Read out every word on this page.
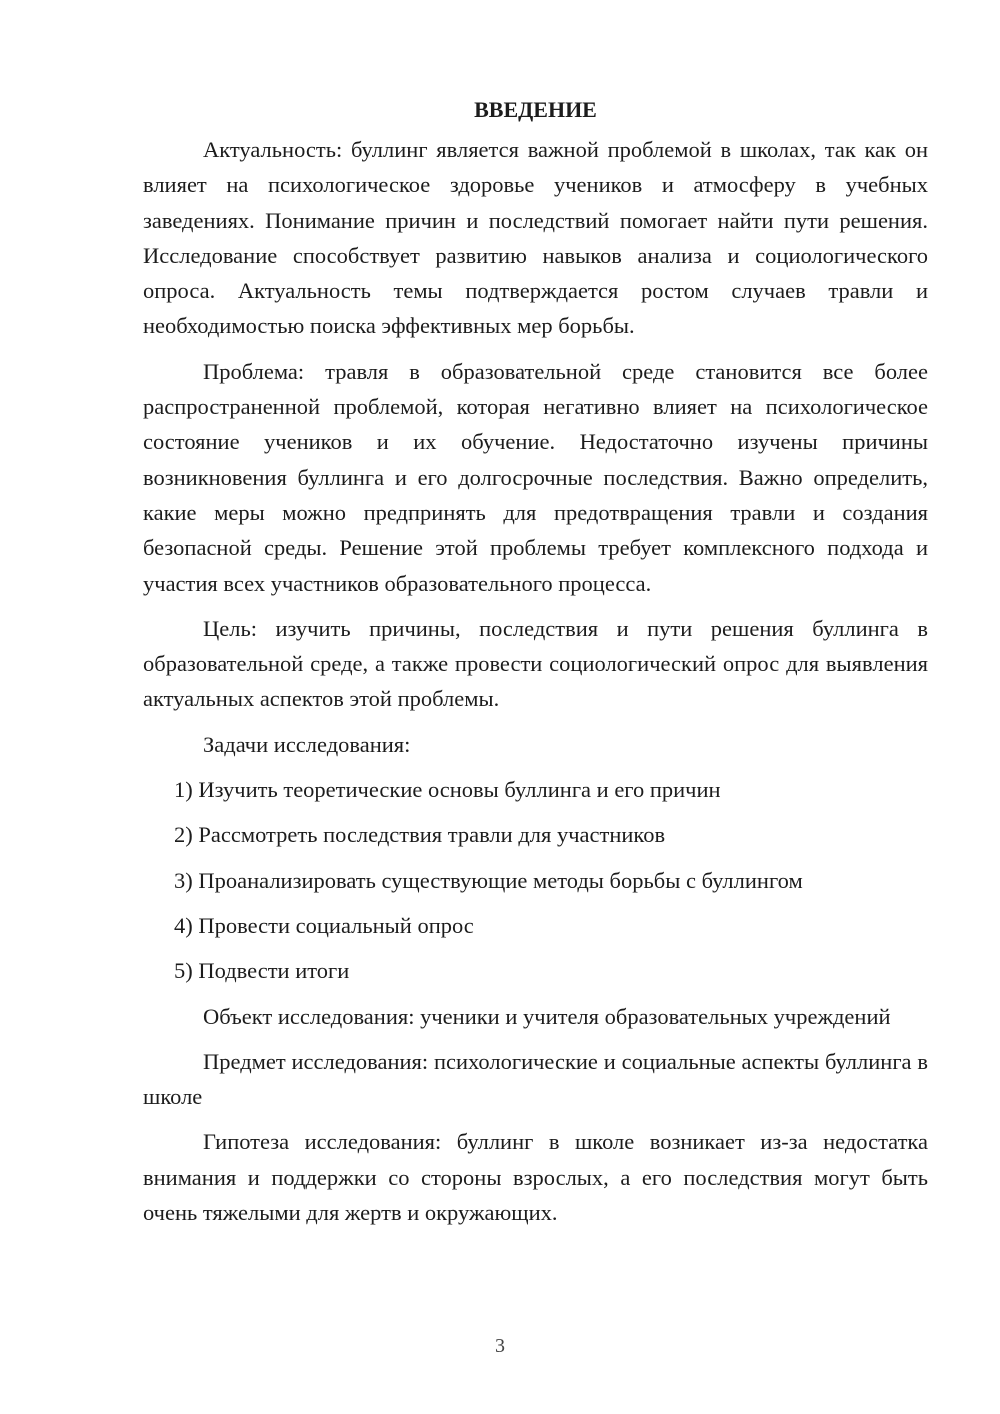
ВВЕДЕНИЕ

Актуальность: буллинг является важной проблемой в школах, так как он влияет на психологическое здоровье учеников и атмосферу в учебных заведениях. Понимание причин и последствий помогает найти пути решения. Исследование способствует развитию навыков анализа и социологического опроса. Актуальность темы подтверждается ростом случаев травли и необходимостью поиска эффективных мер борьбы.

Проблема: травля в образовательной среде становится все более распространенной проблемой, которая негативно влияет на психологическое состояние учеников и их обучение. Недостаточно изучены причины возникновения буллинга и его долгосрочные последствия. Важно определить, какие меры можно предпринять для предотвращения травли и создания безопасной среды. Решение этой проблемы требует комплексного подхода и участия всех участников образовательного процесса.

Цель: изучить причины, последствия и пути решения буллинга в образовательной среде, а также провести социологический опрос для выявления актуальных аспектов этой проблемы.

Задачи исследования:

1) Изучить теоретические основы буллинга и его причин
2) Рассмотреть последствия травли для участников
3) Проанализировать существующие методы борьбы с буллингом
4) Провести социальный опрос
5) Подвести итоги

Объект исследования: ученики и учителя образовательных учреждений

Предмет исследования: психологические и социальные аспекты буллинга в школе

Гипотеза исследования: буллинг в школе возникает из-за недостатка внимания и поддержки со стороны взрослых, а его последствия могут быть очень тяжелыми для жертв и окружающих.

3
